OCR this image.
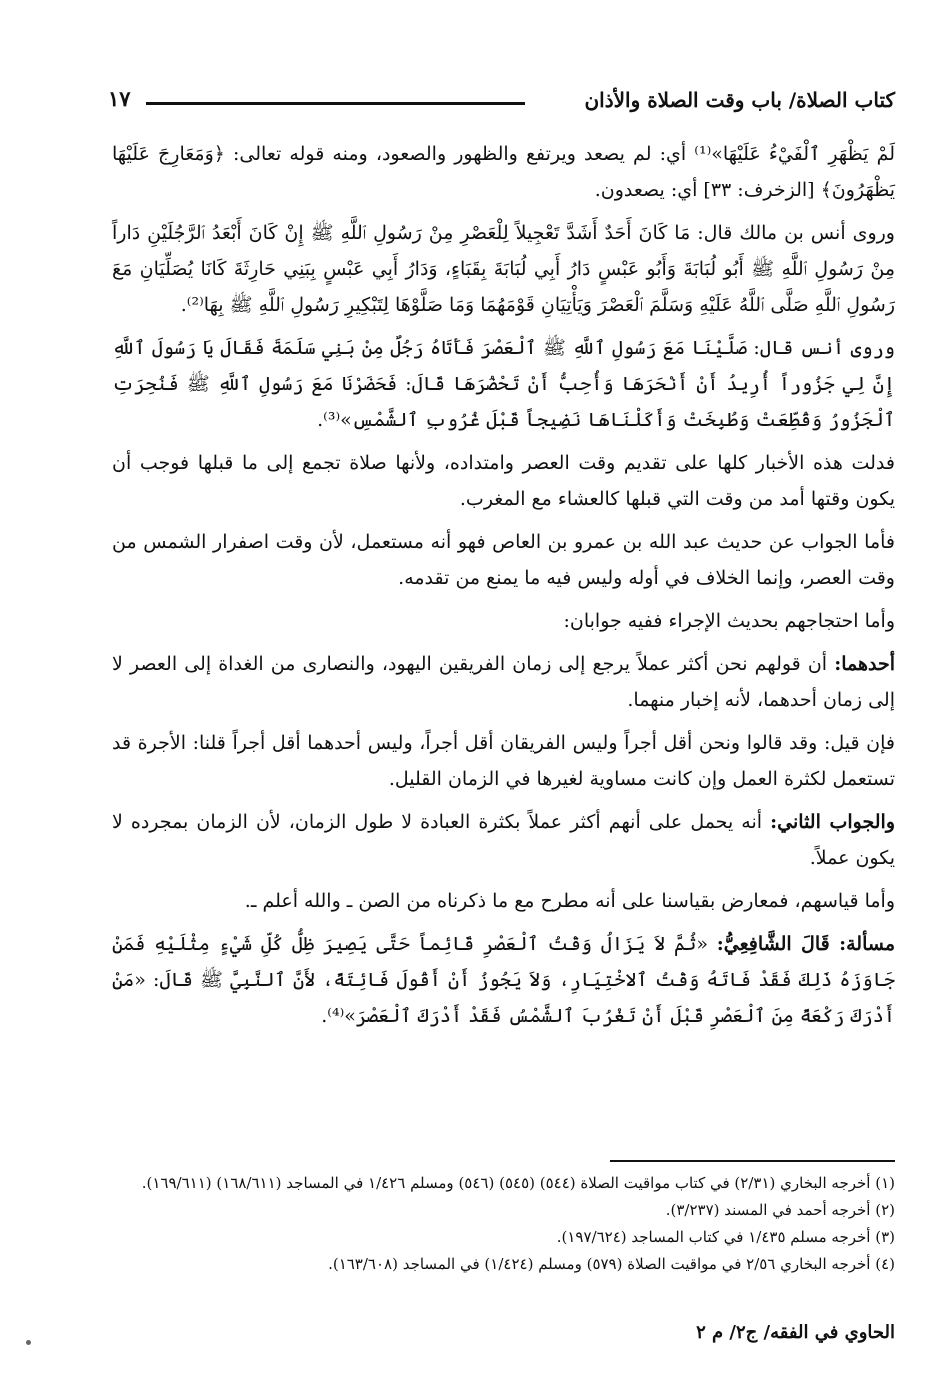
كتاب الصلاة/ باب وقت الصلاة والأذان
١٧

لَمْ يَظْهَرِ ٱلْفَيْءُ عَلَيْهَا»⁽¹⁾ أي: لم يصعد ويرتفع والظهور والصعود، ومنه قوله تعالى: ﴿وَمَعَارِجَ عَلَيْهَا يَظْهَرُونَ﴾ [الزخرف: ٣٣] أي: يصعدون.

وروى أنس بن مالك قال: مَا كَانَ أَحَدٌ أَشَدَّ تَعْجِيلاً لِلْعَصْرِ مِنْ رَسُولِ ٱللَّهِ ﷺ إِنْ كَانَ أَبْعَدُ ٱلرَّجُلَيْنِ دَاراً مِنْ رَسُولِ ٱللَّهِ ﷺ أَبُو لُبَابَةَ وَأَبُو عَبْسٍ دَارُ أَبِي لُبَابَةَ بِقَبَاءٍ، وَدَارُ أَبِي عَبْسٍ بِبَنِي حَارِثَةَ كَانَا يُصَلِّيَانِ مَعَ رَسُولِ ٱللَّهِ صَلَّى ٱللَّهُ عَلَيْهِ وَسَلَّمَ ٱلْعَصْرَ وَيَأْتِيَانِ قَوْمَهُمَا وَمَا صَلَّوْهَا لِتَبْكِيرِ رَسُولِ ٱللَّهِ ﷺ بِهَا⁽²⁾.

وروى أنس قال: صَلَّيْنَا مَعَ رَسُولِ ٱللَّهِ ﷺ ٱلْعَصْرَ فَأَتَاهُ رَجُلٌ مِنْ بَنِي سَلَمَةَ فَقَالَ يَا رَسُولَ ٱللَّهِ إِنَّ لِي جَزُوراً أُرِيدُ أَنْ أَنْحَرَهَا وَأُحِبُّ أَنْ تَحْضُرَهَا قَالَ: فَحَضَرْنَا مَعَ رَسُولِ ٱللَّهِ ﷺ فَنُحِرَتِ ٱلْجَزُورُ وَقُطِّعَتْ وَطُبِخَتْ وَأَكَلْنَاهَا نَضِيجاً قَبْلَ غُرُوبِ ٱلشَّمْسِ»⁽³⁾.

فدلت هذه الأخبار كلها على تقديم وقت العصر وامتداده، ولأنها صلاة تجمع إلى ما قبلها فوجب أن يكون وقتها أمد من وقت التي قبلها كالعشاء مع المغرب.

فأما الجواب عن حديث عبد الله بن عمرو بن العاص فهو أنه مستعمل، لأن وقت اصفرار الشمس من وقت العصر، وإنما الخلاف في أوله وليس فيه ما يمنع من تقدمه.

وأما احتجاجهم بحديث الإجراء ففيه جوابان:

أحدهما: أن قولهم نحن أكثر عملاً يرجع إلى زمان الفريقين اليهود، والنصارى من الغداة إلى العصر لا إلى زمان أحدهما، لأنه إخبار منهما.

فإن قيل: وقد قالوا ونحن أقل أجراً وليس الفريقان أقل أجراً، وليس أحدهما أقل أجراً قلنا: الأجرة قد تستعمل لكثرة العمل وإن كانت مساوية لغيرها في الزمان القليل.

والجواب الثاني: أنه يحمل على أنهم أكثر عملاً بكثرة العبادة لا طول الزمان، لأن الزمان بمجرده لا يكون عملاً.

وأما قياسهم، فمعارض بقياسنا على أنه مطرح مع ما ذكرناه من الصن ـ والله أعلم ـ.

مسألة: قَالَ الشَّافِعِيُّ: «ثُمَّ لاَ يَزَالُ وَقْتُ ٱلْعَصْرِ قَائِماً حَتَّى يَصِيرَ ظِلُّ كُلِّ شَيْءٍ مِثْلَيْهِ فَمَنْ جَاوَزَهُ ذَلِكَ فَقَدْ فَاتَهُ وَقْتُ ٱلاخْتِيَارِ، وَلاَ يَجُوزُ أَنْ أَقُولَ فَائِتَةً، لأَنَّ ٱلنَّبِيَّ ﷺ قَالَ: «مَنْ أَدْرَكَ رَكْعَةً مِنَ ٱلْعَصْرِ قَبْلَ أَنْ تَغْرُبَ ٱلشَّمْسُ فَقَدْ أَدْرَكَ ٱلْعَصْرَ»⁽⁴⁾.

(١) أخرجه البخاري (٢/٣١) في كتاب مواقيت الصلاة (٥٤٤) (٥٤٥) (٥٤٦) ومسلم ١/٤٢٦ في المساجد (١٦٨/٦١١) (١٦٩/٦١١).

(٢) أخرجه أحمد في المسند (٣/٢٣٧).

(٣) أخرجه مسلم ١/٤٣٥ في كتاب المساجد (١٩٧/٦٢٤).

(٤) أخرجه البخاري ٢/٥٦ في مواقيت الصلاة (٥٧٩) ومسلم (١/٤٢٤) في المساجد (١٦٣/٦٠٨).

الحاوي في الفقه/ ج٢/ م ٢
